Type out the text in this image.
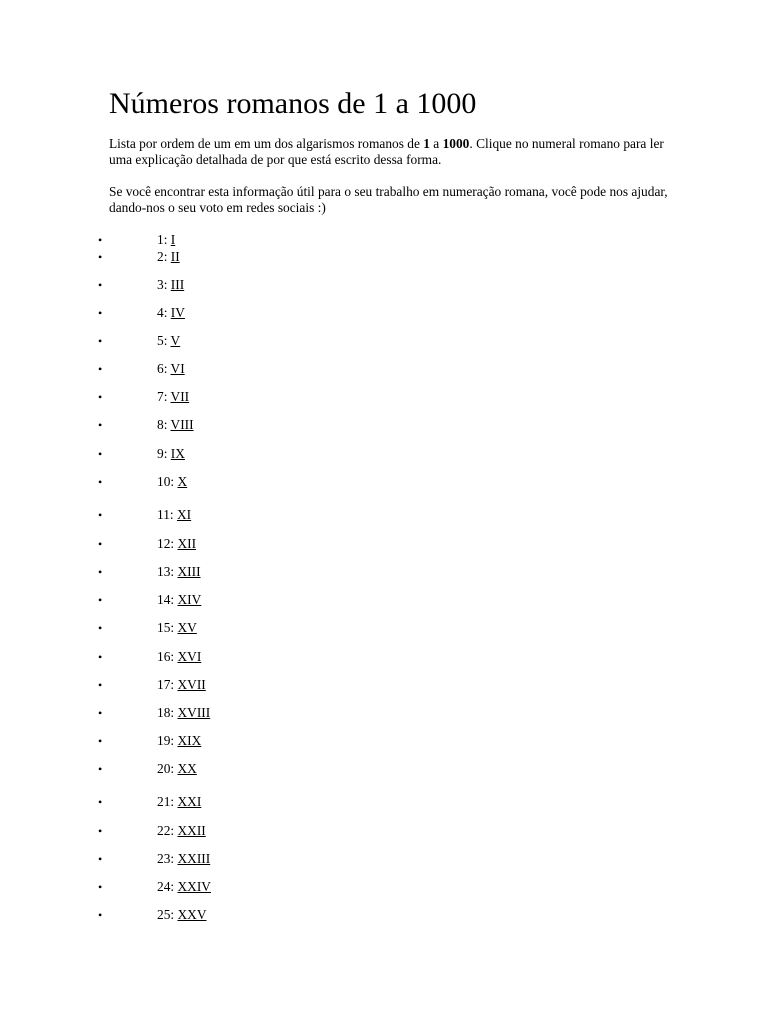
Números romanos de 1 a 1000

Lista por ordem de um em um dos algarismos romanos de 1 a 1000. Clique no numeral romano para ler uma explicação detalhada de por que está escrito dessa forma.

Se você encontrar esta informação útil para o seu trabalho em numeração romana, você pode nos ajudar, dando-nos o seu voto em redes sociais :)

•	1: I
•	2: II
•	3: III
•	4: IV
•	5: V
•	6: VI
•	7: VII
•	8: VIII
•	9: IX
•	10: X
•	11: XI
•	12: XII
•	13: XIII
•	14: XIV
•	15: XV
•	16: XVI
•	17: XVII
•	18: XVIII
•	19: XIX
•	20: XX
•	21: XXI
•	22: XXII
•	23: XXIII
•	24: XXIV
•	25: XXV
